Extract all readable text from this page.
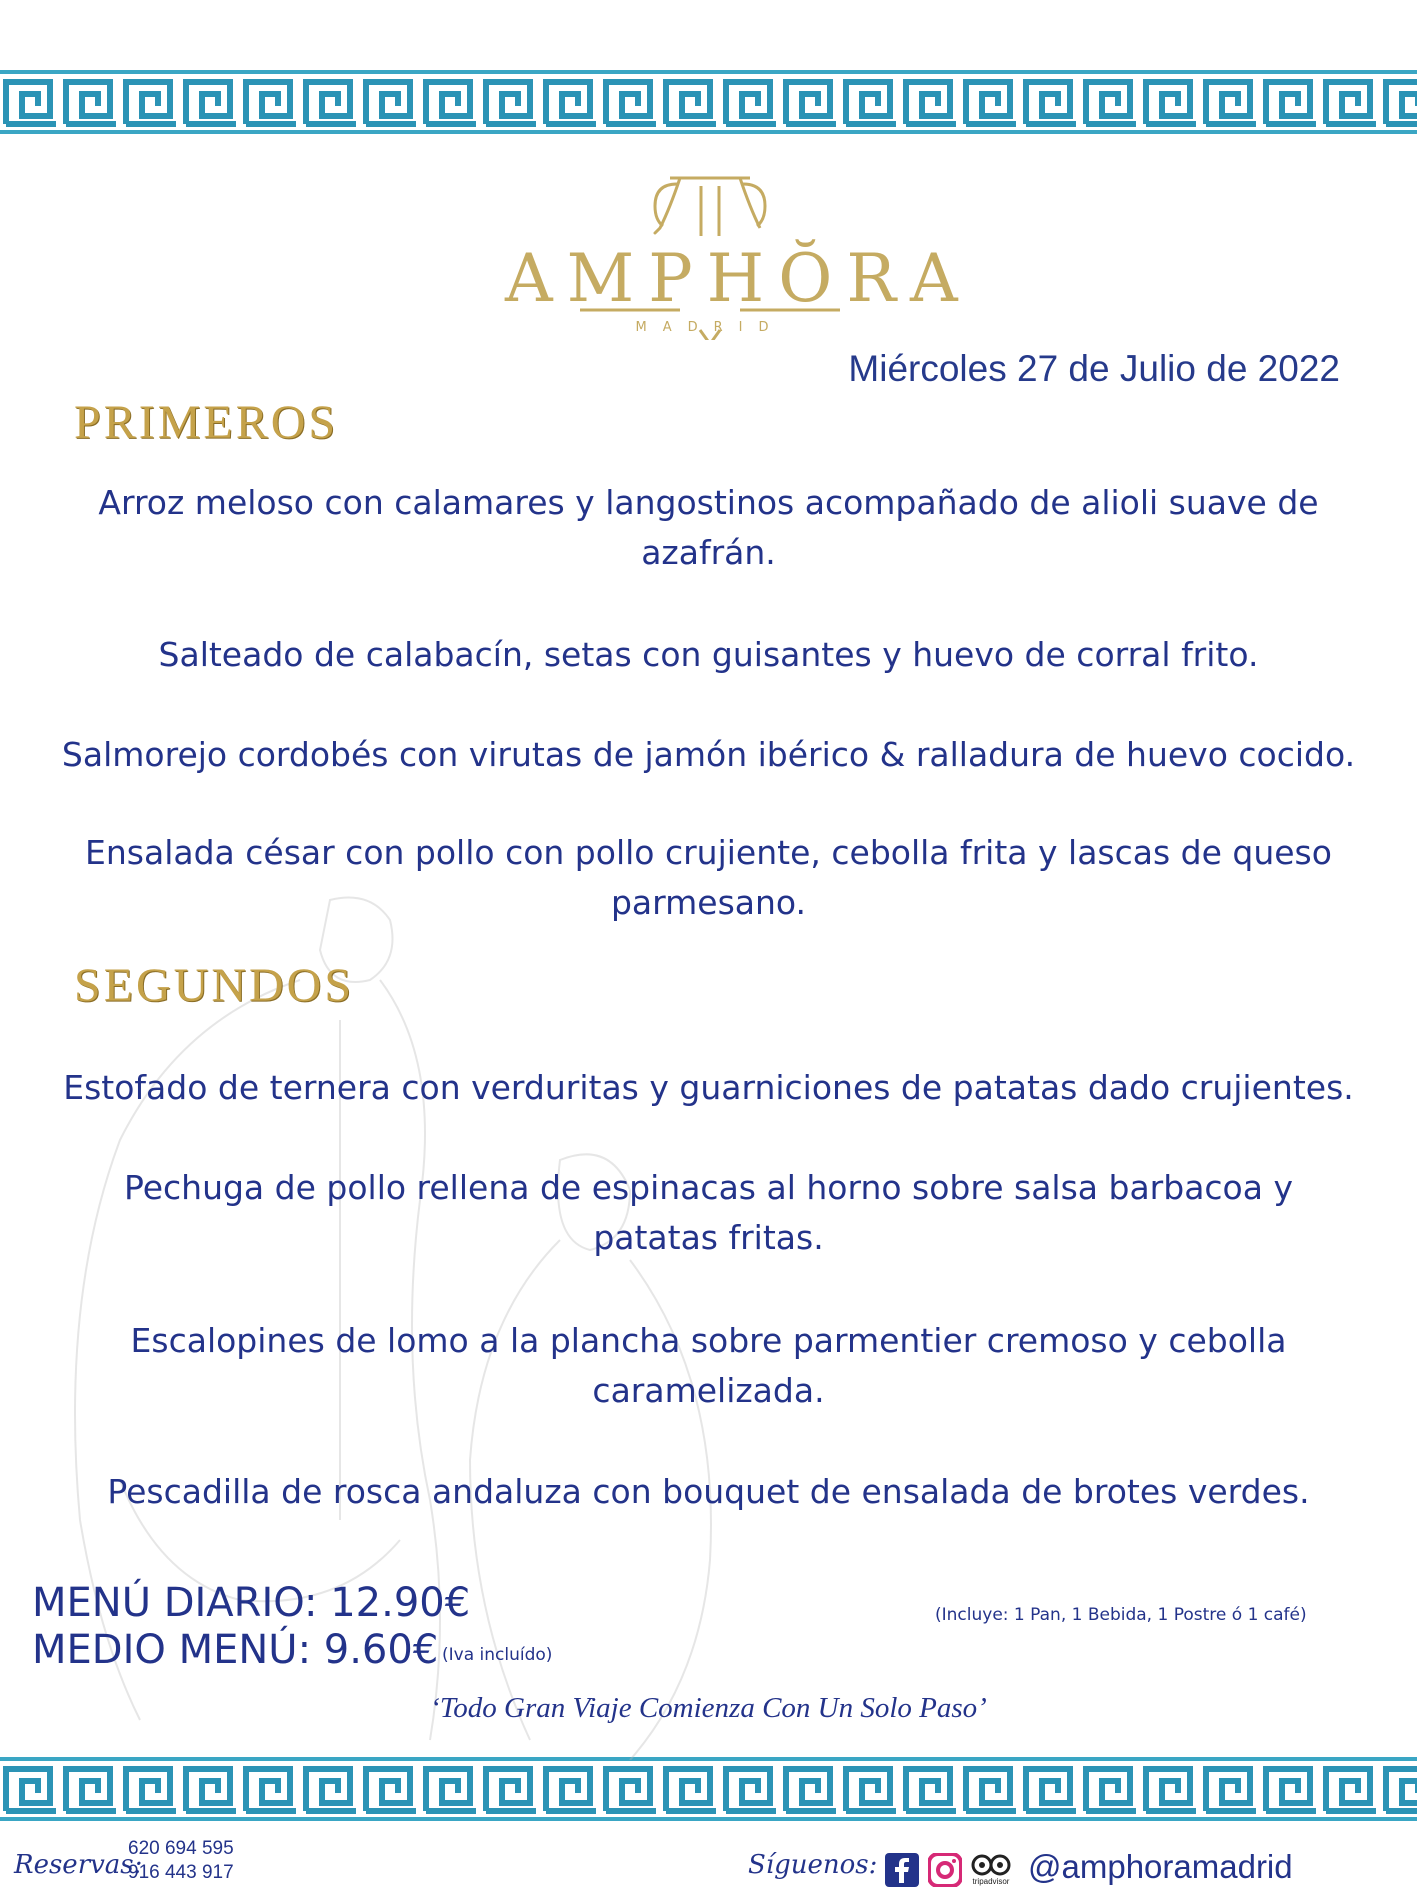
AMPHŎRA
MADRID
Miércoles 27 de Julio de 2022
PRIMEROS
Arroz meloso con calamares y langostinos acompañado de alioli suave de azafrán.
Salteado de calabacín, setas con guisantes y huevo de corral frito.
Salmorejo cordobés con virutas de jamón ibérico & ralladura de huevo cocido.
Ensalada césar con pollo con pollo crujiente, cebolla frita y lascas de queso parmesano.
SEGUNDOS
Estofado de ternera con verduritas y guarniciones de patatas dado crujientes.
Pechuga de pollo rellena de espinacas al horno sobre salsa barbacoa y patatas fritas.
Escalopines de lomo a la plancha sobre parmentier cremoso y cebolla caramelizada.
Pescadilla de rosca andaluza con bouquet de ensalada de brotes verdes.
MENÚ DIARIO: 12.90€
MEDIO MENÚ: 9.60€ (Iva incluído)
(Incluye: 1 Pan, 1 Bebida, 1 Postre ó 1 café)
‘Todo Gran Viaje Comienza Con Un Solo Paso’
Reservas:
620 694 595
916 443 917	Síguenos:
tripadvisor @amphoramadrid
